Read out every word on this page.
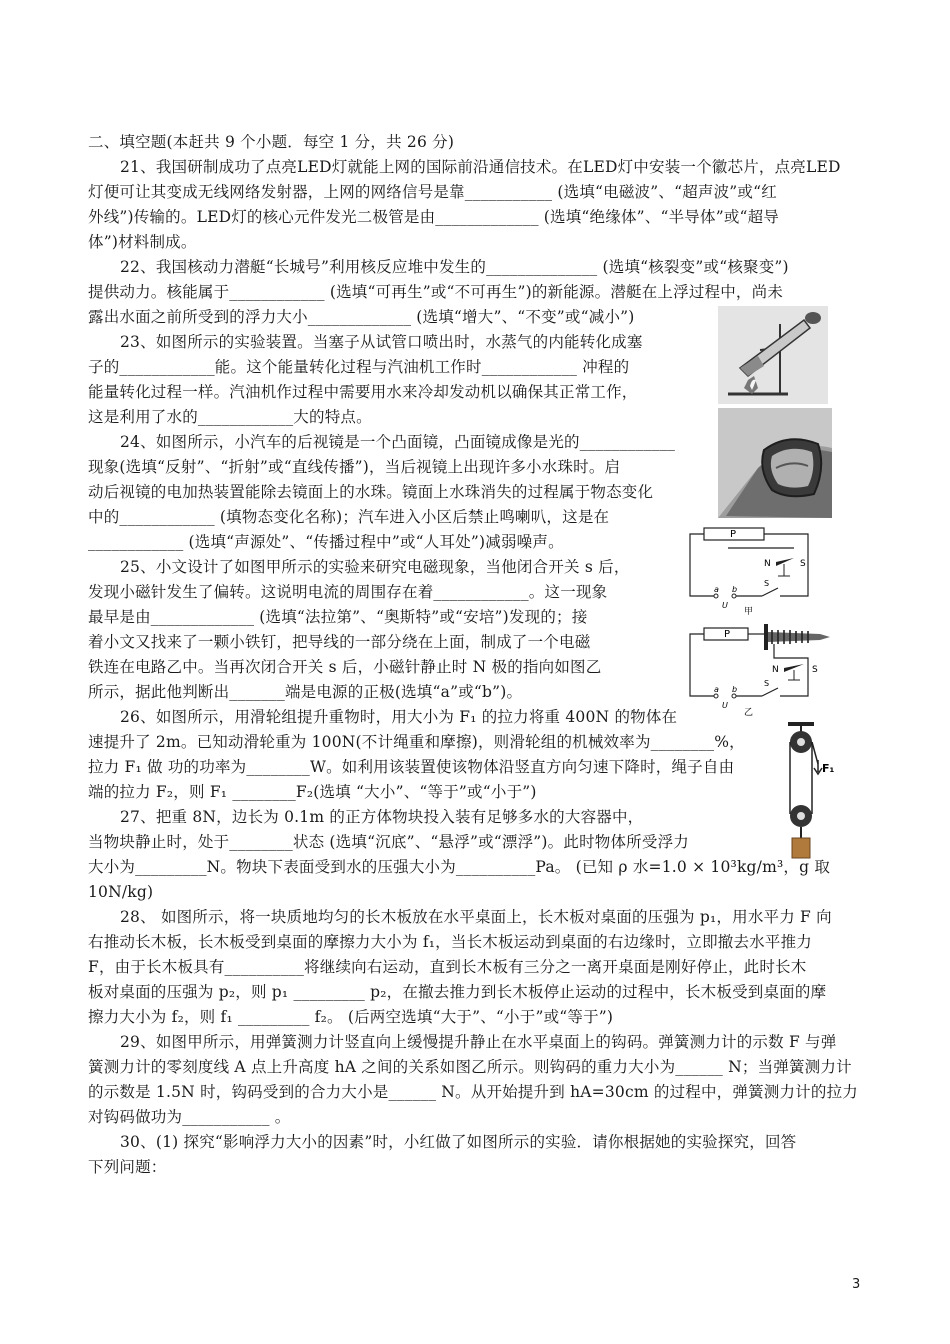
二、填空题(本赶共 9 个小题．每空 1 分，共 26 分)
21、我国研制成功了点亮LED灯就能上网的国际前沿通信技术。在LED灯中安装一个徽芯片，点亮LED
灯便可让其变成无线网络发射器，上网的网络信号是靠___________ (选填“电磁波”、“超声波”或“红
外线”)传输的。LED灯的核心元件发光二极管是由_____________ (选填“绝缘体”、“半导体”或“超导
体”)材料制成。
22、我国核动力潜艇“长城号”利用核反应堆中发生的______________ (选填“核裂变”或“核聚变”)
提供动力。核能属于____________ (选填“可再生”或“不可再生”)的新能源。潜艇在上浮过程中，尚未
露出水面之前所受到的浮力大小_____________ (选填“增大”、“不变”或“减小”)
23、如图所示的实验装置。当塞子从试管口喷出时，水蒸气的内能转化成塞
子的____________能。这个能量转化过程与汽油机工作时____________ 冲程的
能量转化过程一样。汽油机作过程中需要用水来冷却发动机以确保其正常工作，
这是利用了水的____________大的特点。
24、如图所示，小汽车的后视镜是一个凸面镜，凸面镜成像是光的____________
现象(选填“反射”、“折射”或“直线传播”)，当后视镜上出现许多小水珠时。启
动后视镜的电加热装置能除去镜面上的水珠。镜面上水珠消失的过程属于物态变化
中的____________ (填物态变化名称)；汽车进入小区后禁止鸣喇叭，这是在
____________ (选填“声源处”、“传播过程中”或“人耳处”)减弱噪声。
25、小文设计了如图甲所示的实验来研究电磁现象，当他闭合开关 s 后，
发现小磁针发生了偏转。这说明电流的周围存在着____________。这一现象
最早是由_____________ (选填“法拉第”、“奥斯特”或“安培”)发现的；接
着小文又找来了一颗小铁钉，把导线的一部分绕在上面，制成了一个电磁
铁连在电路乙中。当再次闭合开关 s 后，小磁针静止时 N 极的指向如图乙
所示，据此他判断出_______端是电源的正极(选填“a”或“b”)。
26、如图所示，用滑轮组提升重物时，用大小为 F₁ 的拉力将重 400N 的物体在
速提升了 2m。已知动滑轮重为 100N(不计绳重和摩擦)，则滑轮组的机械效率为________%，
拉力 F₁ 做 功的功率为________W。如利用该装置使该物体沿竖直方向匀速下降时，绳子自由
端的拉力 F₂，则 F₁ ________F₂(选填 “大小”、“等于”或“小于”)
27、把重 8N，边长为 0.1m 的正方体物块投入装有足够多水的大容器中，
当物块静止时，处于________状态 (选填“沉底”、“悬浮”或“漂浮”)。此时物体所受浮力
大小为_________N。物块下表面受到水的压强大小为__________Pa。 (已知 ρ 水=1.0 × 10³kg/m³，g 取
10N/kg)
28、 如图所示，将一块质地均匀的长木板放在水平桌面上，长木板对桌面的压强为 p₁，用水平力 F 向
右推动长木板，长木板受到桌面的摩擦力大小为 f₁，当长木板运动到桌面的右边缘时，立即撤去水平推力
F，由于长木板具有__________将继续向右运动，直到长木板有三分之一离开桌面是刚好停止，此时长木
板对桌面的压强为 p₂，则 p₁ _________ p₂，在撤去推力到长木板停止运动的过程中，长木板受到桌面的摩
擦力大小为 f₂，则 f₁ _________ f₂。 (后两空选填“大于”、“小于”或“等于”)
29、如图甲所示，用弹簧测力计竖直向上缓慢提升静止在水平桌面上的钩码。弹簧测力计的示数 F 与弹
簧测力计的零刻度线 A 点上升高度 hA 之间的关系如图乙所示。则钩码的重力大小为______ N；当弹簧测力计
的示数是 1.5N 时，钩码受到的合力大小是______ N。从开始提升到 hA=30cm 的过程中，弹簧测力计的拉力
对钩码做功为___________ 。
30、(1) 探究“影响浮力大小的因素”时，小红做了如图所示的实验．请你根据她的实验探究，回答
下列问题：
P
N	S
a b
U
S
甲
P
N	S
a b
U
S
乙
F₁
3
